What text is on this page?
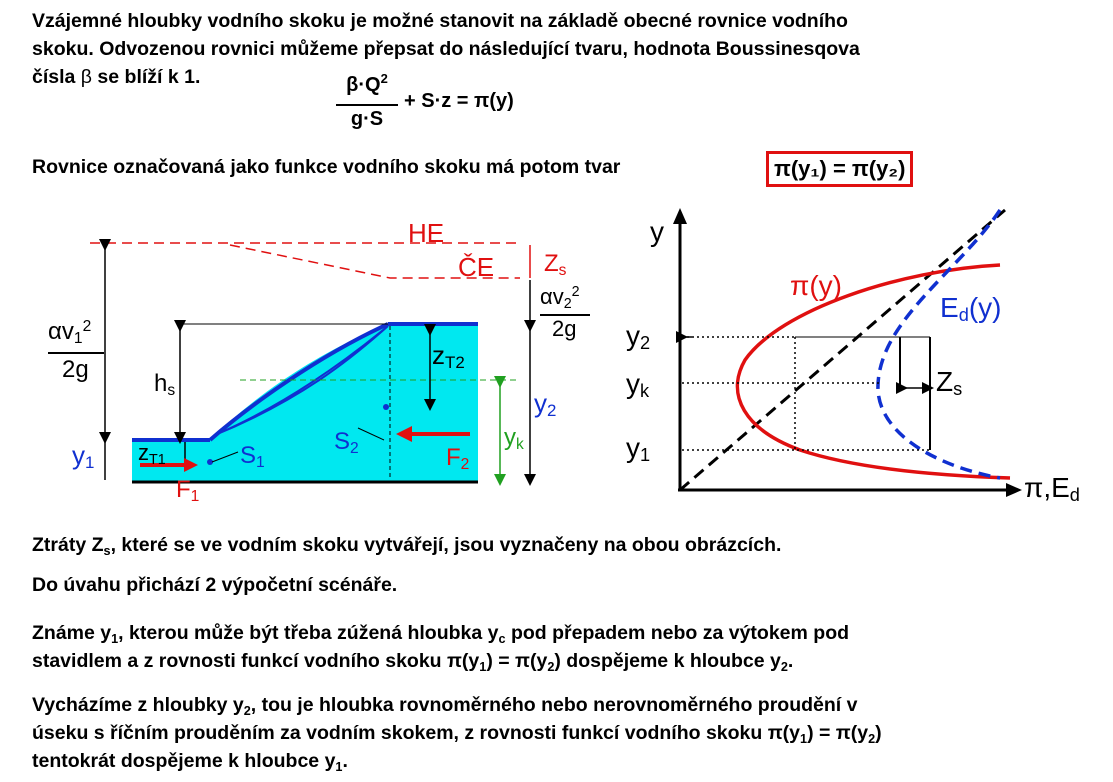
Vzájemné hloubky vodního skoku je možné stanovit na základě obecné rovnice vodního

skoku. Odvozenou rovnici můžeme přepsat do následující tvaru, hodnota Boussinesqova

čísla β se blíží k 1.	$\beta\cdot Q^2$
g·S
+ S·z = π(y)

Rovnice označovaná jako funkce vodního skoku má potom tvar	π(y₁) = π(y₂)
HE
ČE $Z_s$
$\alpha v_2^2$
2g
$\alpha v_1^2$
2g
$h_s$
$z_{T2}$
$y_2$
$y_k$
$y_1$ $z_{T1}$	$S_1$
$S_2$
$F_1$
$F_2$
y
$\pi,E_d$
π(y)
$E_d(y)$
$Z_s$
$y_2$
$y_k$
$y_1$

Ztráty $Z_s$, které se ve vodním skoku vytvářejí, jsou vyznačeny na obou obrázcích.

Do úvahu přichází 2 výpočetní scénáře.

Známe $y_1$, kterou může být třeba zúžená hloubka $y_c$ pod přepadem nebo za výtokem pod

stavidlem a z rovnosti funkcí vodního skoku $\pi(y_1) = \pi(y_2)$ dospějeme k hloubce $y_2$.

Vycházíme z hloubky $y_2$, tou je hloubka rovnoměrného nebo nerovnoměrného proudění v

úseku s říčním prouděním za vodním skokem, z rovnosti funkcí vodního skoku $\pi(y_1) = \pi(y_2)$

tentokrát dospějeme k hloubce $y_1$.
